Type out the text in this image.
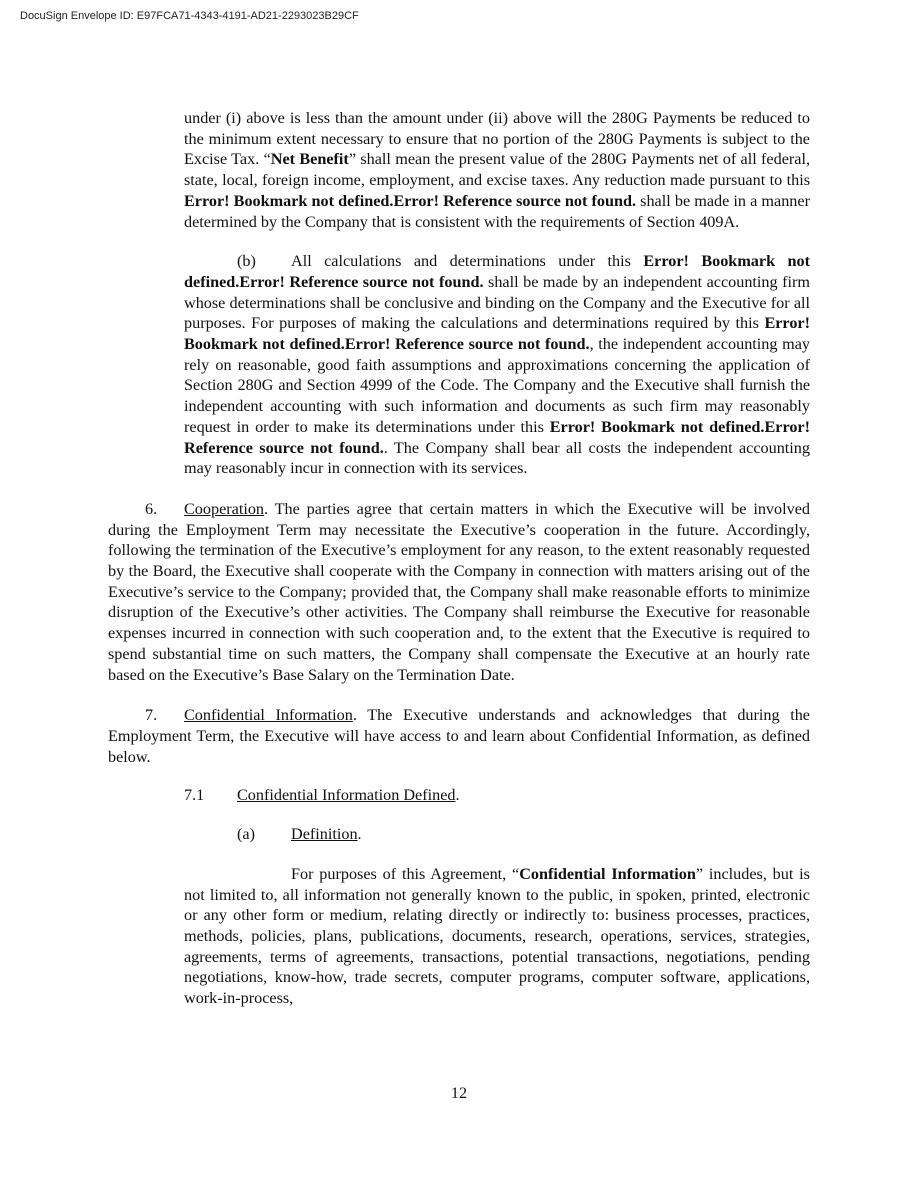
DocuSign Envelope ID: E97FCA71-4343-4191-AD21-2293023B29CF

under (i) above is less than the amount under (ii) above will the 280G Payments be reduced to the minimum extent necessary to ensure that no portion of the 280G Payments is subject to the Excise Tax. “Net Benefit” shall mean the present value of the 280G Payments net of all federal, state, local, foreign income, employment, and excise taxes. Any reduction made pursuant to this Error! Bookmark not defined.Error! Reference source not found. shall be made in a manner determined by the Company that is consistent with the requirements of Section 409A.

(b) All calculations and determinations under this Error! Bookmark not defined.Error! Reference source not found. shall be made by an independent accounting firm whose determinations shall be conclusive and binding on the Company and the Executive for all purposes. For purposes of making the calculations and determinations required by this Error! Bookmark not defined.Error! Reference source not found., the independent accounting may rely on reasonable, good faith assumptions and approximations concerning the application of Section 280G and Section 4999 of the Code. The Company and the Executive shall furnish the independent accounting with such information and documents as such firm may reasonably request in order to make its determinations under this Error! Bookmark not defined.Error! Reference source not found.. The Company shall bear all costs the independent accounting may reasonably incur in connection with its services.

6. Cooperation. The parties agree that certain matters in which the Executive will be involved during the Employment Term may necessitate the Executive’s cooperation in the future. Accordingly, following the termination of the Executive’s employment for any reason, to the extent reasonably requested by the Board, the Executive shall cooperate with the Company in connection with matters arising out of the Executive’s service to the Company; provided that, the Company shall make reasonable efforts to minimize disruption of the Executive’s other activities. The Company shall reimburse the Executive for reasonable expenses incurred in connection with such cooperation and, to the extent that the Executive is required to spend substantial time on such matters, the Company shall compensate the Executive at an hourly rate based on the Executive’s Base Salary on the Termination Date.

7. Confidential Information. The Executive understands and acknowledges that during the Employment Term, the Executive will have access to and learn about Confidential Information, as defined below.

7.1 Confidential Information Defined.

(a) Definition.

For purposes of this Agreement, “Confidential Information” includes, but is not limited to, all information not generally known to the public, in spoken, printed, electronic or any other form or medium, relating directly or indirectly to: business processes, practices, methods, policies, plans, publications, documents, research, operations, services, strategies, agreements, terms of agreements, transactions, potential transactions, negotiations, pending negotiations, know-how, trade secrets, computer programs, computer software, applications, work-in-process,

12
